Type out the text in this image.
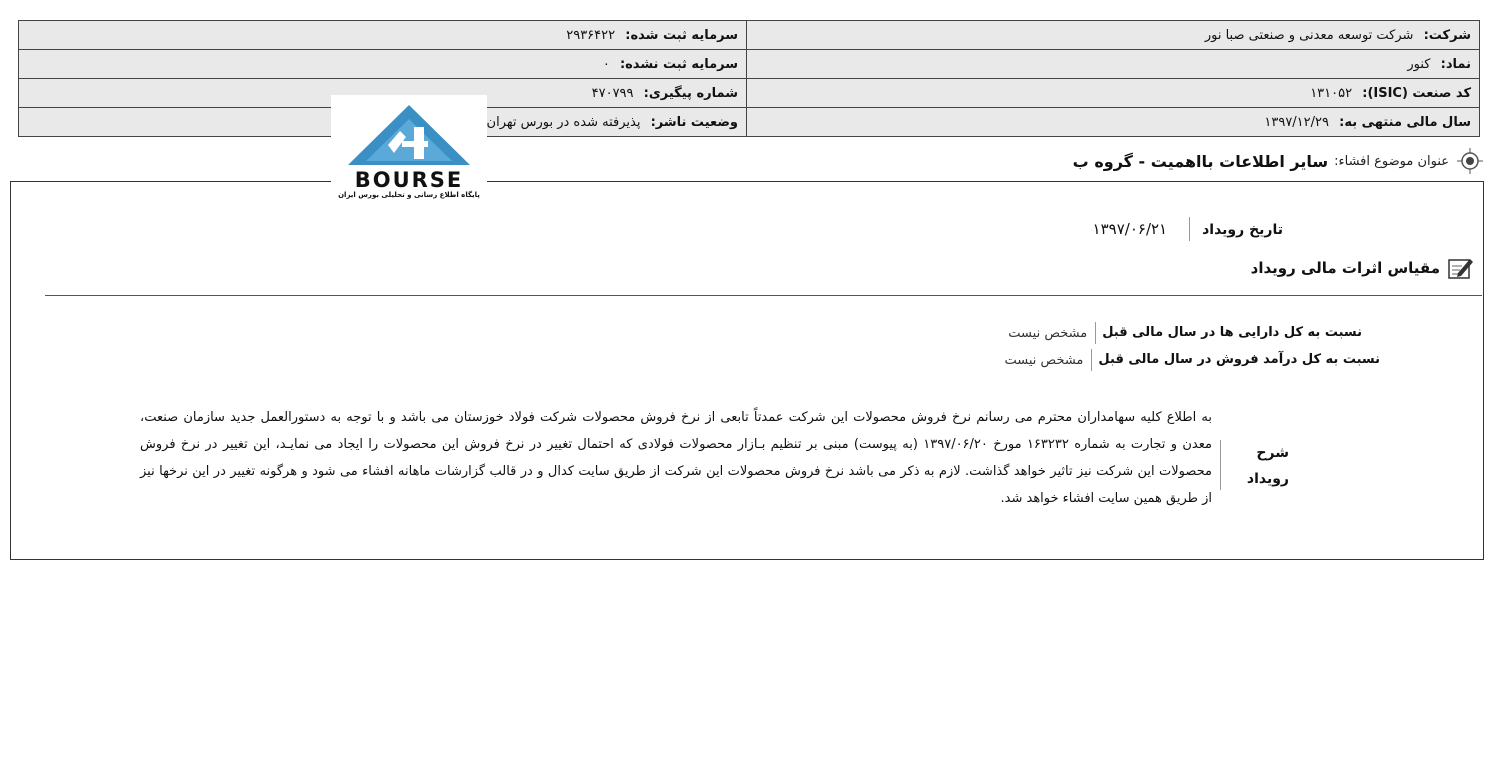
شرکت: شرکت توسعه معدنی و صنعتی صبا نور	سرمایه ثبت شده: ۲۹۳۶۴۲۲
نماد: کنور	سرمایه ثبت نشده: ۰
کد صنعت (ISIC): ۱۳۱۰۵۲	شماره پیگیری: ۴۷۰۷۹۹
سال مالی منتهی به: ۱۳۹۷/۱۲/۲۹	وضعیت ناشر: پذیرفته شده در بورس تهران
عنوان موضوع افشاء:
سایر اطلاعات بااهمیت - گروه ب
BOURSE
پایگاه اطلاع رسانی و تحلیلی بورس ایران
تاریخ رویداد
۱۳۹۷/۰۶/۲۱
مقیاس اثرات مالی رویداد
نسبت به کل دارایی ها در سال مالی قبل
مشخص نیست
نسبت به کل درآمد فروش در سال مالی قبل
مشخص نیست
شرح رویداد
به اطلاع کلیه سهامداران محترم می رسانم نرخ فروش محصولات این شرکت عمدتاً تابعی از نرخ فروش محصولات شرکت فولاد خوزستان می باشد و با توجه به دستورالعمل جدید سازمان صنعت، معدن و تجارت به شماره ۱۶۳۲۳۲ مورخ ۱۳۹۷/۰۶/۲۰ (به پیوست) مبنی بر تنظیم بـازار محصولات فولادی که احتمال تغییر در نرخ فروش این محصولات را ایجاد می نمایـد، این تغییر در نرخ فروش محصولات این شرکت نیز تاثیر خواهد گذاشت. لازم به ذکر می باشد نرخ فروش محصولات این شرکت از طریق سایت کدال و در قالب گزارشات ماهانه افشاء می شود و هرگونه تغییر در این نرخها نیز از طریق همین سایت افشاء خواهد شد.
